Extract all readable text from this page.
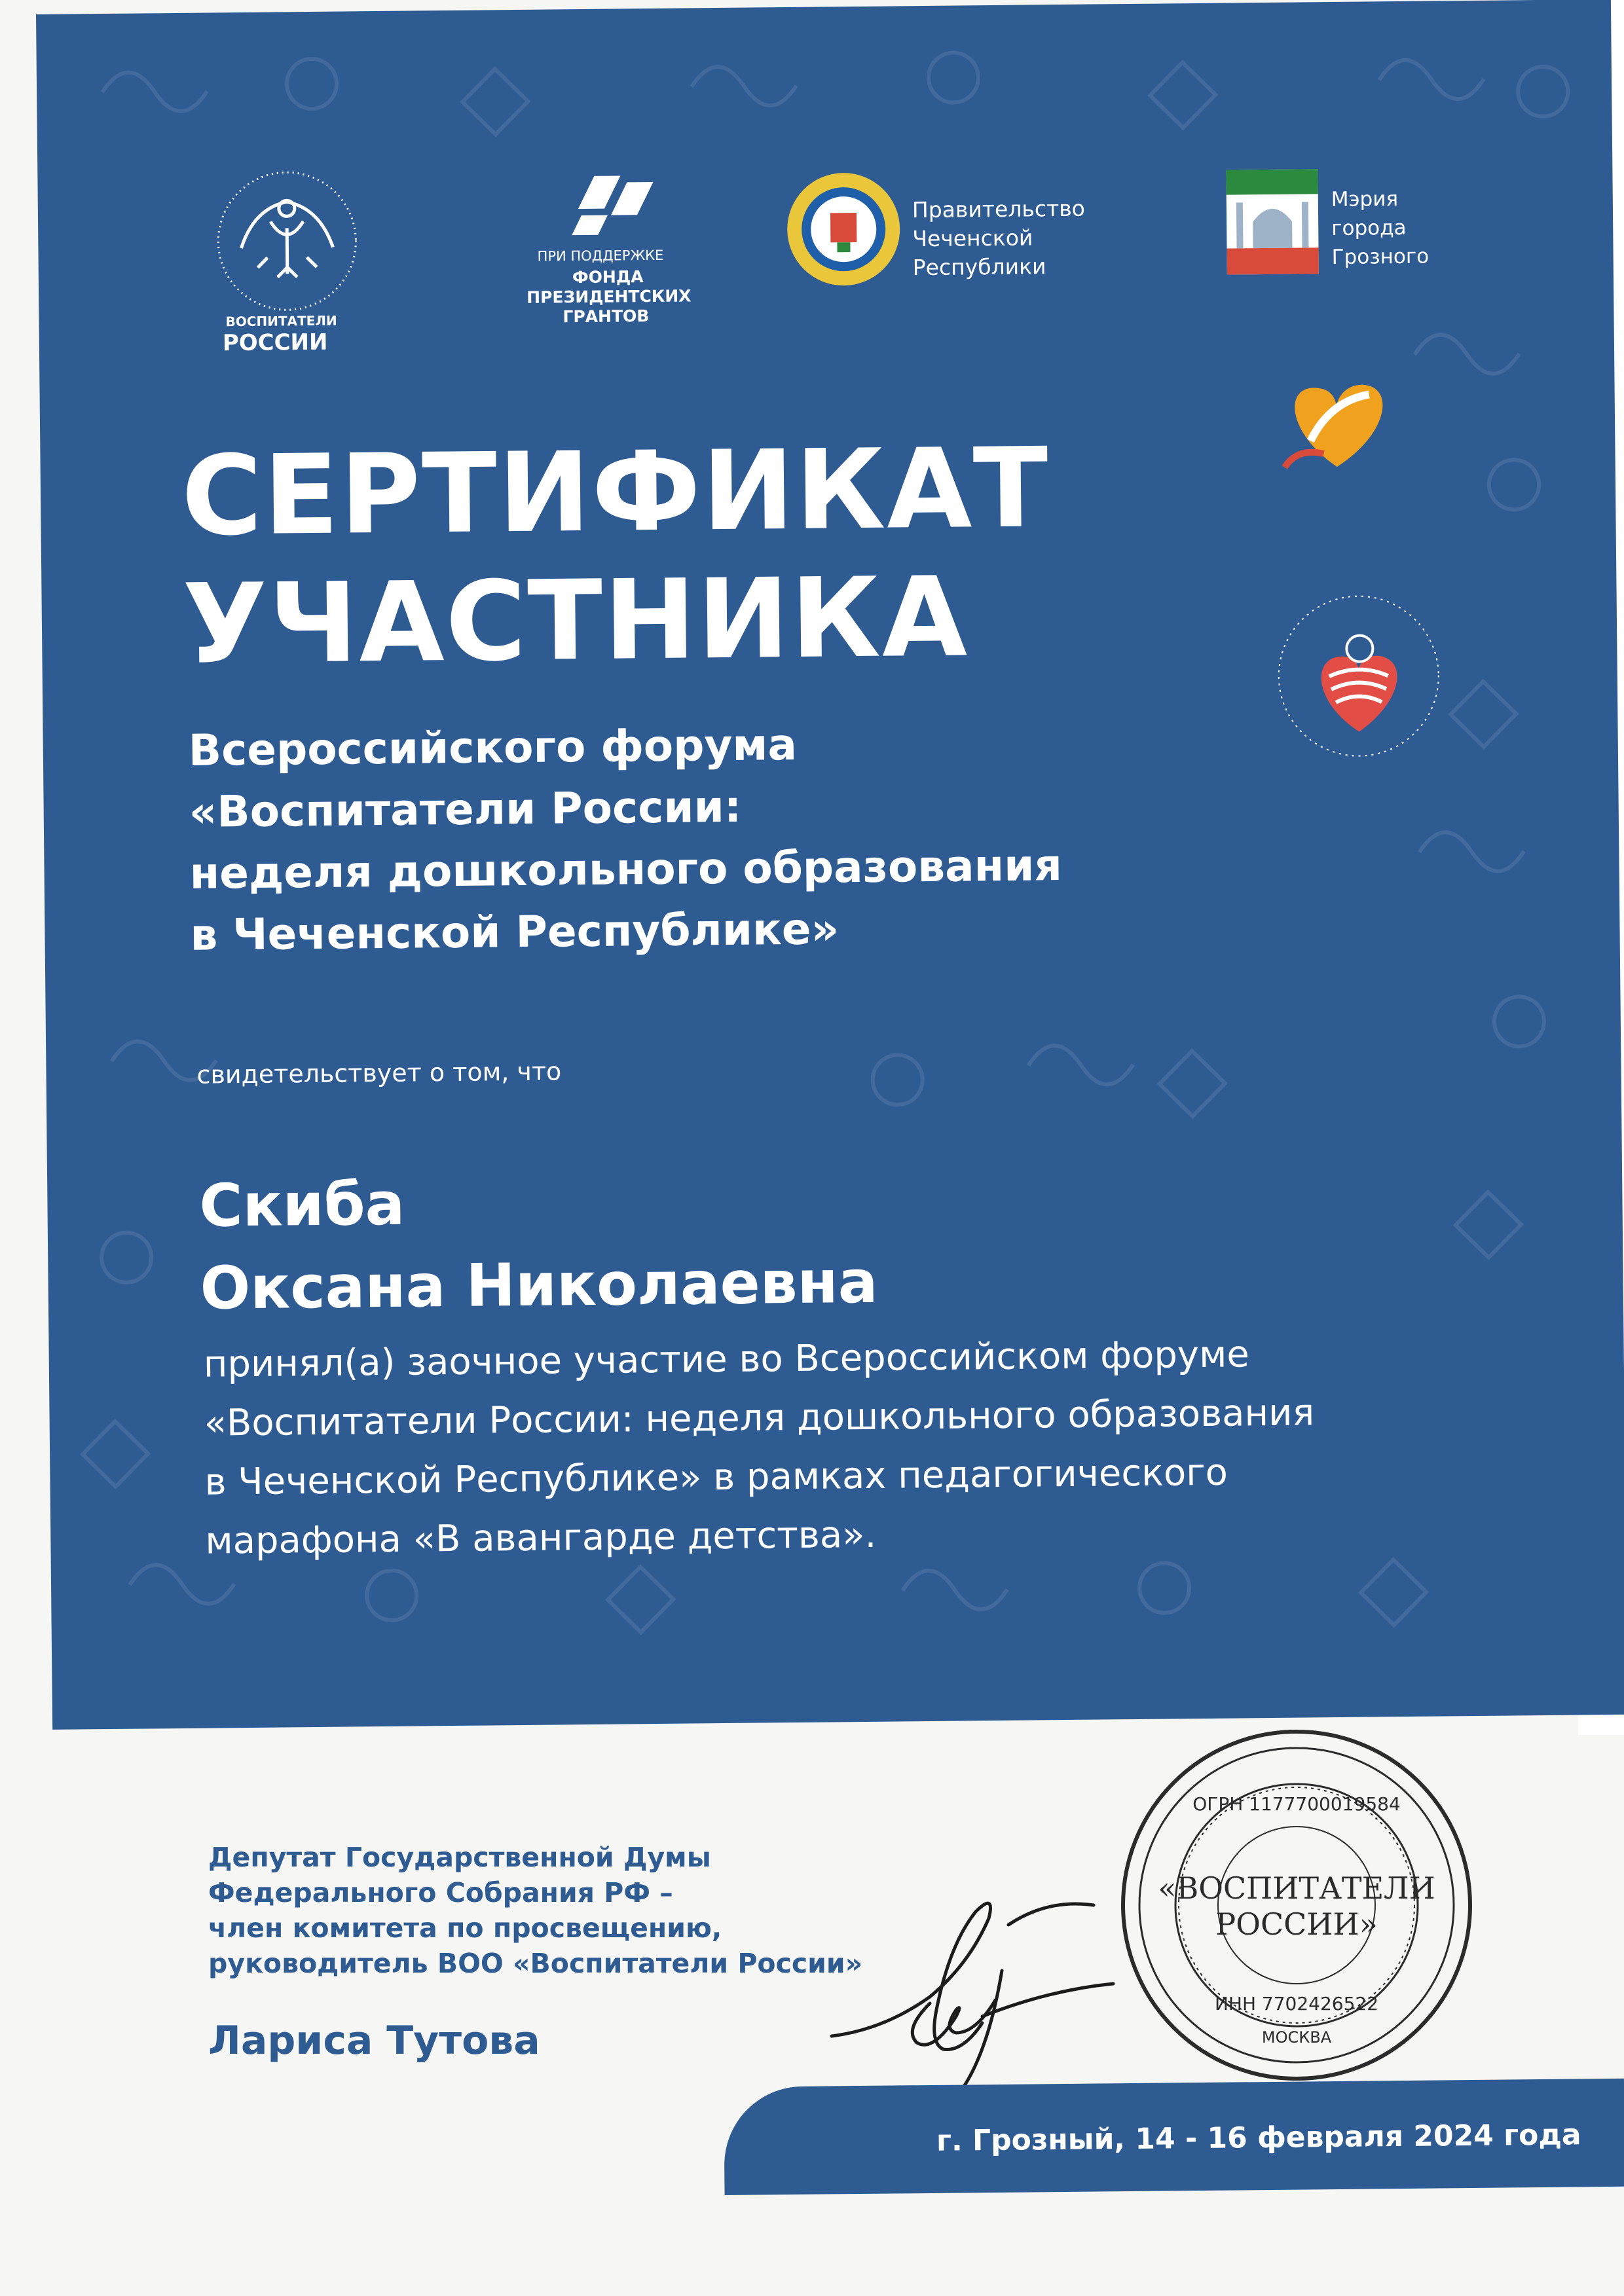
ВОСПИТАТЕЛИ
РОССИИ
ПРИ ПОДДЕРЖКЕ
ФОНДА
ПРЕЗИДЕНТСКИХ
ГРАНТОВ
Правительство
Чеченской
Республики
Мэрия
города
Грозного
СЕРТИФИКАТ
УЧАСТНИКА
Всероссийского форума
«Воспитатели России:
неделя дошкольного образования
в Чеченской Республике»
свидетельствует о том, что
Скиба
Оксана Николаевна
принял(а) заочное участие во Всероссийском форуме
«Воспитатели России: неделя дошкольного образования
в Чеченской Республике» в рамках педагогического
марафона «В авангарде детства».
Депутат Государственной Думы
Федерального Собрания РФ –
член комитета по просвещению,
руководитель ВОО «Воспитатели России»
Лариса Тутова
«ВОСПИТАТЕЛИ
РОССИИ»
ОГРН 1177700019584
ИНН 7702426522
МОСКВА
г. Грозный, 14 - 16 февраля 2024 года
